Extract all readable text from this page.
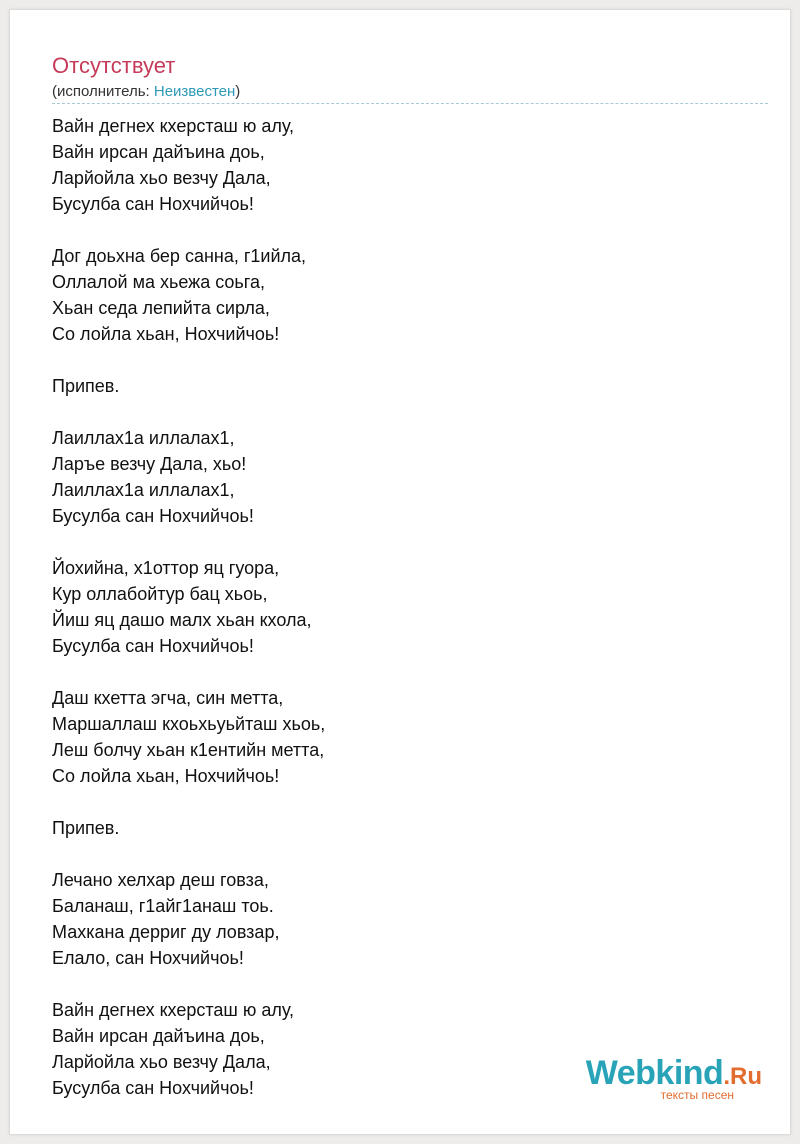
Отсутствует
(исполнитель: Неизвестен)
Вайн дегнех кхерсташ ю алу,
Вайн ирсан дайъина доь,
Ларйойла хьо везчу Дала,
Бусулба сан Нохчийчоь!
Дог доьхна бер санна, г1ийла,
Оллалой ма хьежа соьга,
Хьан седа лепийта сирла,
Со лойла хьан, Нохчийчоь!
Припев.
Лаиллах1а иллалах1,
Ларъе везчу Дала, хьо!
Лаиллах1а иллалах1,
Бусулба сан Нохчийчоь!
Йохийна, х1оттор яц гуора,
Кур оллабойтур бац хьоь,
Йиш яц дашо малх хьан кхола,
Бусулба сан Нохчийчоь!
Даш кхетта эгча, син метта,
Маршаллаш кхоьхьуьйташ хьоь,
Леш болчу хьан к1ентийн метта,
Со лойла хьан, Нохчийчоь!
Припев.
Лечано хелхар деш говза,
Баланаш, г1айг1анаш тоь.
Махкана дерриг ду ловзар,
Елало, сан Нохчийчоь!
Вайн дегнех кхерсташ ю алу,
Вайн ирсан дайъина доь,
Ларйойла хьо везчу Дала,
Бусулба сан Нохчийчоь!	Webkind.Ru
тексты песен
